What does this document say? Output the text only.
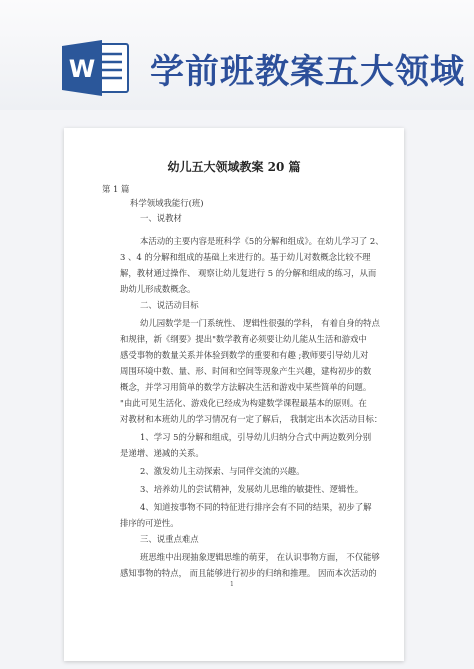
W 学前班教案五大领域
幼儿五大领域教案 20 篇
第 1 篇
科学领域我能行(班)
一、说教材
本活动的主要内容是班科学《5的分解和组成》。在幼儿学习了 2、
3 、4 的分解和组成的基础上来进行的。基于幼儿对数概念比较不理
解，教材通过操作、 观察让幼儿复进行 5 的分解和组成的练习，从而
助幼儿形成数概念。
二、说活动目标
幼儿园数学是一门系统性、 逻辑性很强的学科， 有着自身的特点
和规律，新《纲要》提出"数学教育必须要让幼儿能从生活和游戏中
感受事物的数量关系并体验到数学的重要和有趣 ;教师要引导幼儿对
周围环境中数、量、形、时间和空间等现象产生兴趣，建构初步的数
概念，并学习用简单的数学方法解决生活和游戏中某些简单的问题。
"由此可见生活化、游戏化已经成为构建数学课程最基本的原则。在
对教材和本班幼儿的学习情况有一定了解后， 我制定出本次活动目标：
1、学习 5的分解和组成，引导幼儿归纳分合式中两边数列分别
是递增、递减的关系。
2、激发幼儿主动探索、与同伴交流的兴趣。
3、培养幼儿的尝试精神，发展幼儿思维的敏捷性、逻辑性。
4、知道按事物不同的特征进行排序会有不同的结果，初步了解
排序的可逆性。
三、说重点难点
班思维中出现抽象逻辑思维的萌芽， 在认识事物方面， 不仅能够
感知事物的特点， 而且能够进行初步的归纳和推理。 因而本次活动的
1
